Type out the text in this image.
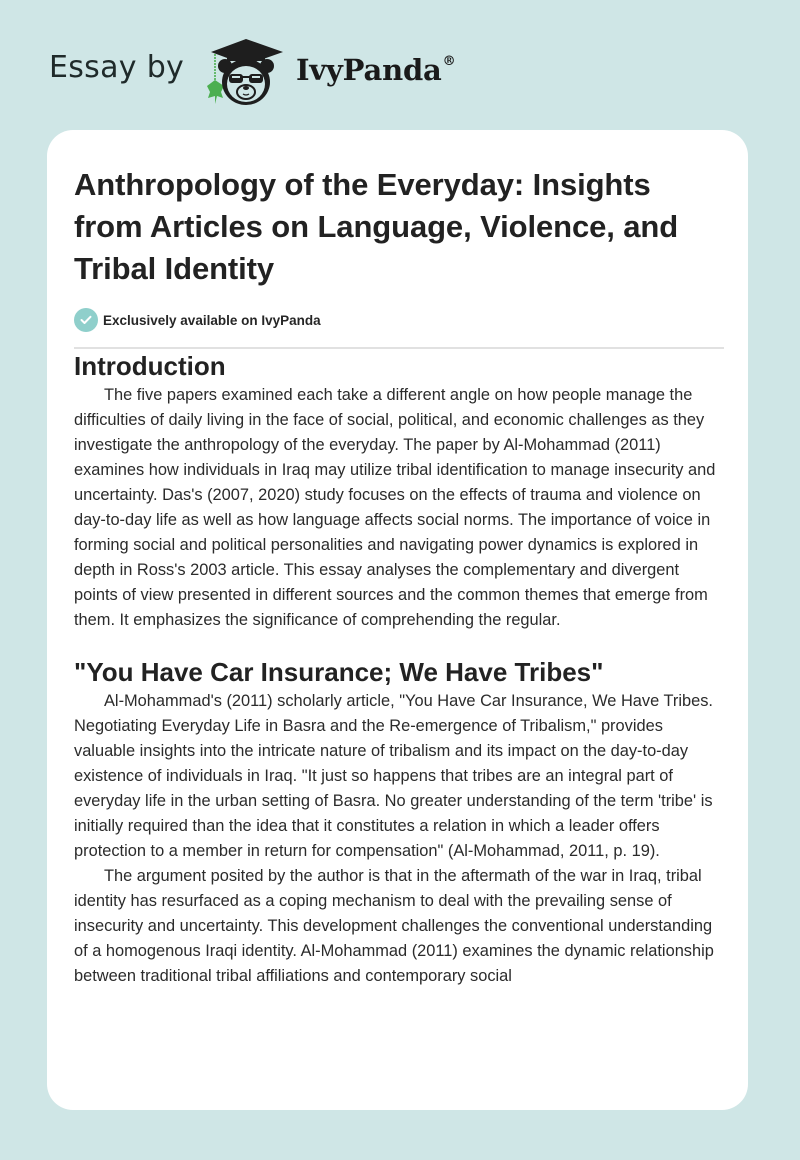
Essay by	IvyPanda®
Anthropology of the Everyday: Insights from Articles on Language, Violence, and Tribal Identity
Exclusively available on IvyPanda
Introduction

The five papers examined each take a different angle on how people manage the difficulties of daily living in the face of social, political, and economic challenges as they investigate the anthropology of the everyday. The paper by Al-Mohammad (2011) examines how individuals in Iraq may utilize tribal identification to manage insecurity and uncertainty. Das's (2007, 2020) study focuses on the effects of trauma and violence on day-to-day life as well as how language affects social norms. The importance of voice in forming social and political personalities and navigating power dynamics is explored in depth in Ross's 2003 article. This essay analyses the complementary and divergent points of view presented in different sources and the common themes that emerge from them. It emphasizes the significance of comprehending the regular.

"You Have Car Insurance; We Have Tribes"

Al-Mohammad's (2011) scholarly article, "You Have Car Insurance, We Have Tribes. Negotiating Everyday Life in Basra and the Re-emergence of Tribalism," provides valuable insights into the intricate nature of tribalism and its impact on the day-to-day existence of individuals in Iraq. "It just so happens that tribes are an integral part of everyday life in the urban setting of Basra. No greater understanding of the term 'tribe' is initially required than the idea that it constitutes a relation in which a leader offers protection to a member in return for compensation" (Al-Mohammad, 2011, p. 19).

The argument posited by the author is that in the aftermath of the war in Iraq, tribal identity has resurfaced as a coping mechanism to deal with the prevailing sense of insecurity and uncertainty. This development challenges the conventional understanding of a homogenous Iraqi identity. Al-Mohammad (2011) examines the dynamic relationship between traditional tribal affiliations and contemporary social
